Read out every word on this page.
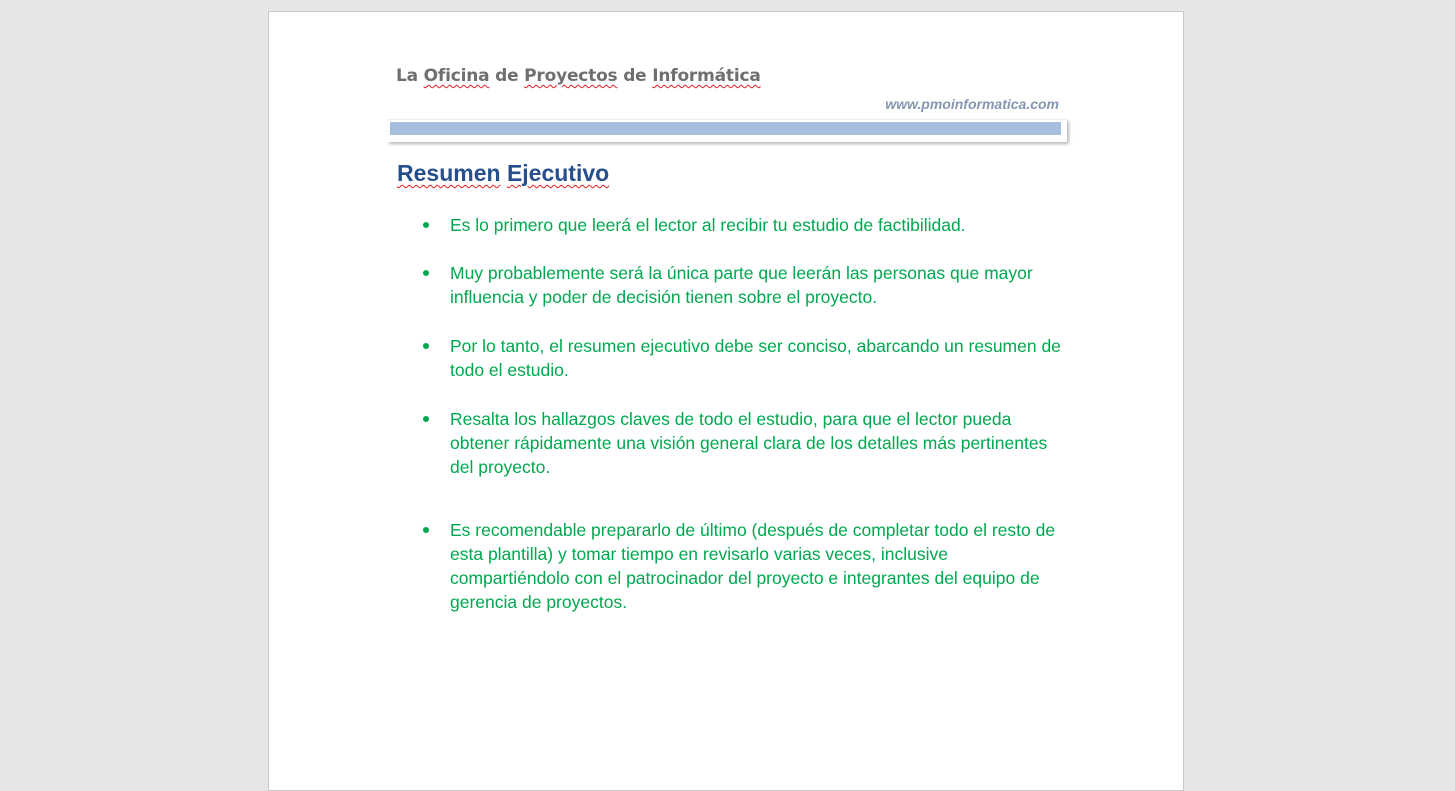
La Oficina de Proyectos de Informática
www.pmoinformatica.com
Resumen Ejecutivo
Es lo primero que leerá el lector al recibir tu estudio de factibilidad.
Muy probablemente será la única parte que leerán las personas que mayor influencia y poder de decisión tienen sobre el proyecto.
Por lo tanto, el resumen ejecutivo debe ser conciso, abarcando un resumen de todo el estudio.
Resalta los hallazgos claves de todo el estudio, para que el lector pueda obtener rápidamente una visión general clara de los detalles más pertinentes del proyecto.
Es recomendable prepararlo de último (después de completar todo el resto de esta plantilla) y tomar tiempo en revisarlo varias veces, inclusive compartiéndolo con el patrocinador del proyecto e integrantes del equipo de gerencia de proyectos.
